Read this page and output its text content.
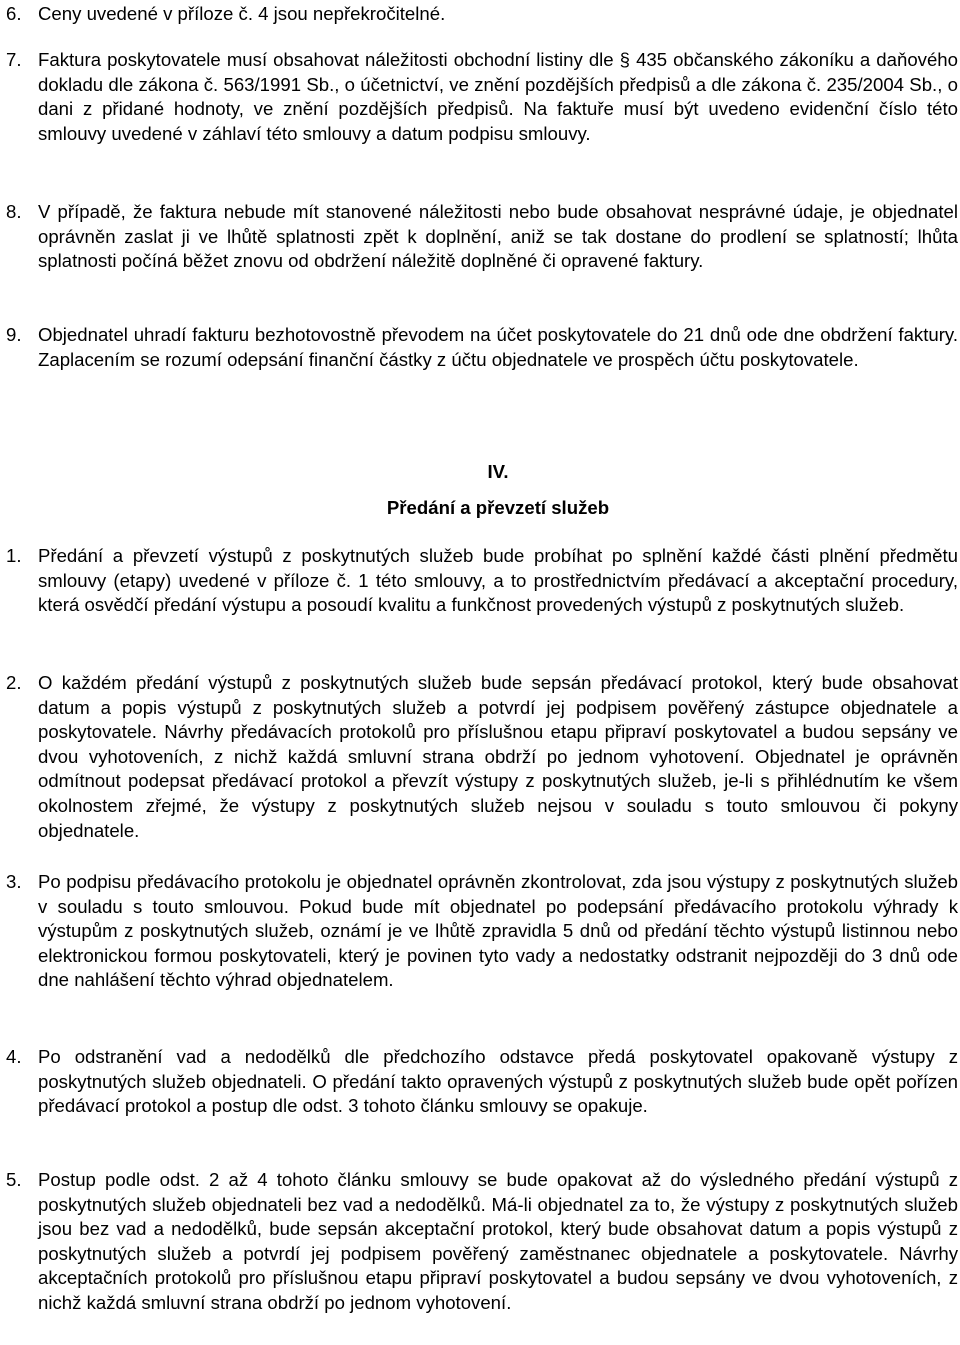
6. Ceny uvedené v příloze č. 4 jsou nepřekročitelné.
7. Faktura poskytovatele musí obsahovat náležitosti obchodní listiny dle § 435 občanského zákoníku a daňového dokladu dle zákona č. 563/1991 Sb., o účetnictví, ve znění pozdějších předpisů a dle zákona č. 235/2004 Sb., o dani z přidané hodnoty, ve znění pozdějších předpisů. Na faktuře musí být uvedeno evidenční číslo této smlouvy uvedené v záhlaví této smlouvy a datum podpisu smlouvy.
8. V případě, že faktura nebude mít stanovené náležitosti nebo bude obsahovat nesprávné údaje, je objednatel oprávněn zaslat ji ve lhůtě splatnosti zpět k doplnění, aniž se tak dostane do prodlení se splatností; lhůta splatnosti počíná běžet znovu od obdržení náležitě doplněné či opravené faktury.
9. Objednatel uhradí fakturu bezhotovostně převodem na účet poskytovatele do 21 dnů ode dne obdržení faktury. Zaplacením se rozumí odepsání finanční částky z účtu objednatele ve prospěch účtu poskytovatele.
IV.
Předání a převzetí služeb
1. Předání a převzetí výstupů z poskytnutých služeb bude probíhat po splnění každé části plnění předmětu smlouvy (etapy) uvedené v příloze č. 1 této smlouvy, a to prostřednictvím předávací a akceptační procedury, která osvědčí předání výstupu a posoudí kvalitu a funkčnost provedených výstupů z poskytnutých služeb.
2. O každém předání výstupů z poskytnutých služeb bude sepsán předávací protokol, který bude obsahovat datum a popis výstupů z poskytnutých služeb a potvrdí jej podpisem pověřený zástupce objednatele a poskytovatele. Návrhy předávacích protokolů pro příslušnou etapu připraví poskytovatel a budou sepsány ve dvou vyhotoveních, z nichž každá smluvní strana obdrží po jednom vyhotovení. Objednatel je oprávněn odmítnout podepsat předávací protokol a převzít výstupy z poskytnutých služeb, je-li s přihlédnutím ke všem okolnostem zřejmé, že výstupy z poskytnutých služeb nejsou v souladu s touto smlouvou či pokyny objednatele.
3. Po podpisu předávacího protokolu je objednatel oprávněn zkontrolovat, zda jsou výstupy z poskytnutých služeb v souladu s touto smlouvou. Pokud bude mít objednatel po podepsání předávacího protokolu výhrady k výstupům z poskytnutých služeb, oznámí je ve lhůtě zpravidla 5 dnů od předání těchto výstupů listinnou nebo elektronickou formou poskytovateli, který je povinen tyto vady a nedostatky odstranit nejpozději do 3 dnů ode dne nahlášení těchto výhrad objednatelem.
4. Po odstranění vad a nedodělků dle předchozího odstavce předá poskytovatel opakovaně výstupy z poskytnutých služeb objednateli. O předání takto opravených výstupů z poskytnutých služeb bude opět pořízen předávací protokol a postup dle odst. 3 tohoto článku smlouvy se opakuje.
5. Postup podle odst. 2 až 4 tohoto článku smlouvy se bude opakovat až do výsledného předání výstupů z poskytnutých služeb objednateli bez vad a nedodělků. Má-li objednatel za to, že výstupy z poskytnutých služeb jsou bez vad a nedodělků, bude sepsán akceptační protokol, který bude obsahovat datum a popis výstupů z poskytnutých služeb a potvrdí jej podpisem pověřený zaměstnanec objednatele a poskytovatele. Návrhy akceptačních protokolů pro příslušnou etapu připraví poskytovatel a budou sepsány ve dvou vyhotoveních, z nichž každá smluvní strana obdrží po jednom vyhotovení.
